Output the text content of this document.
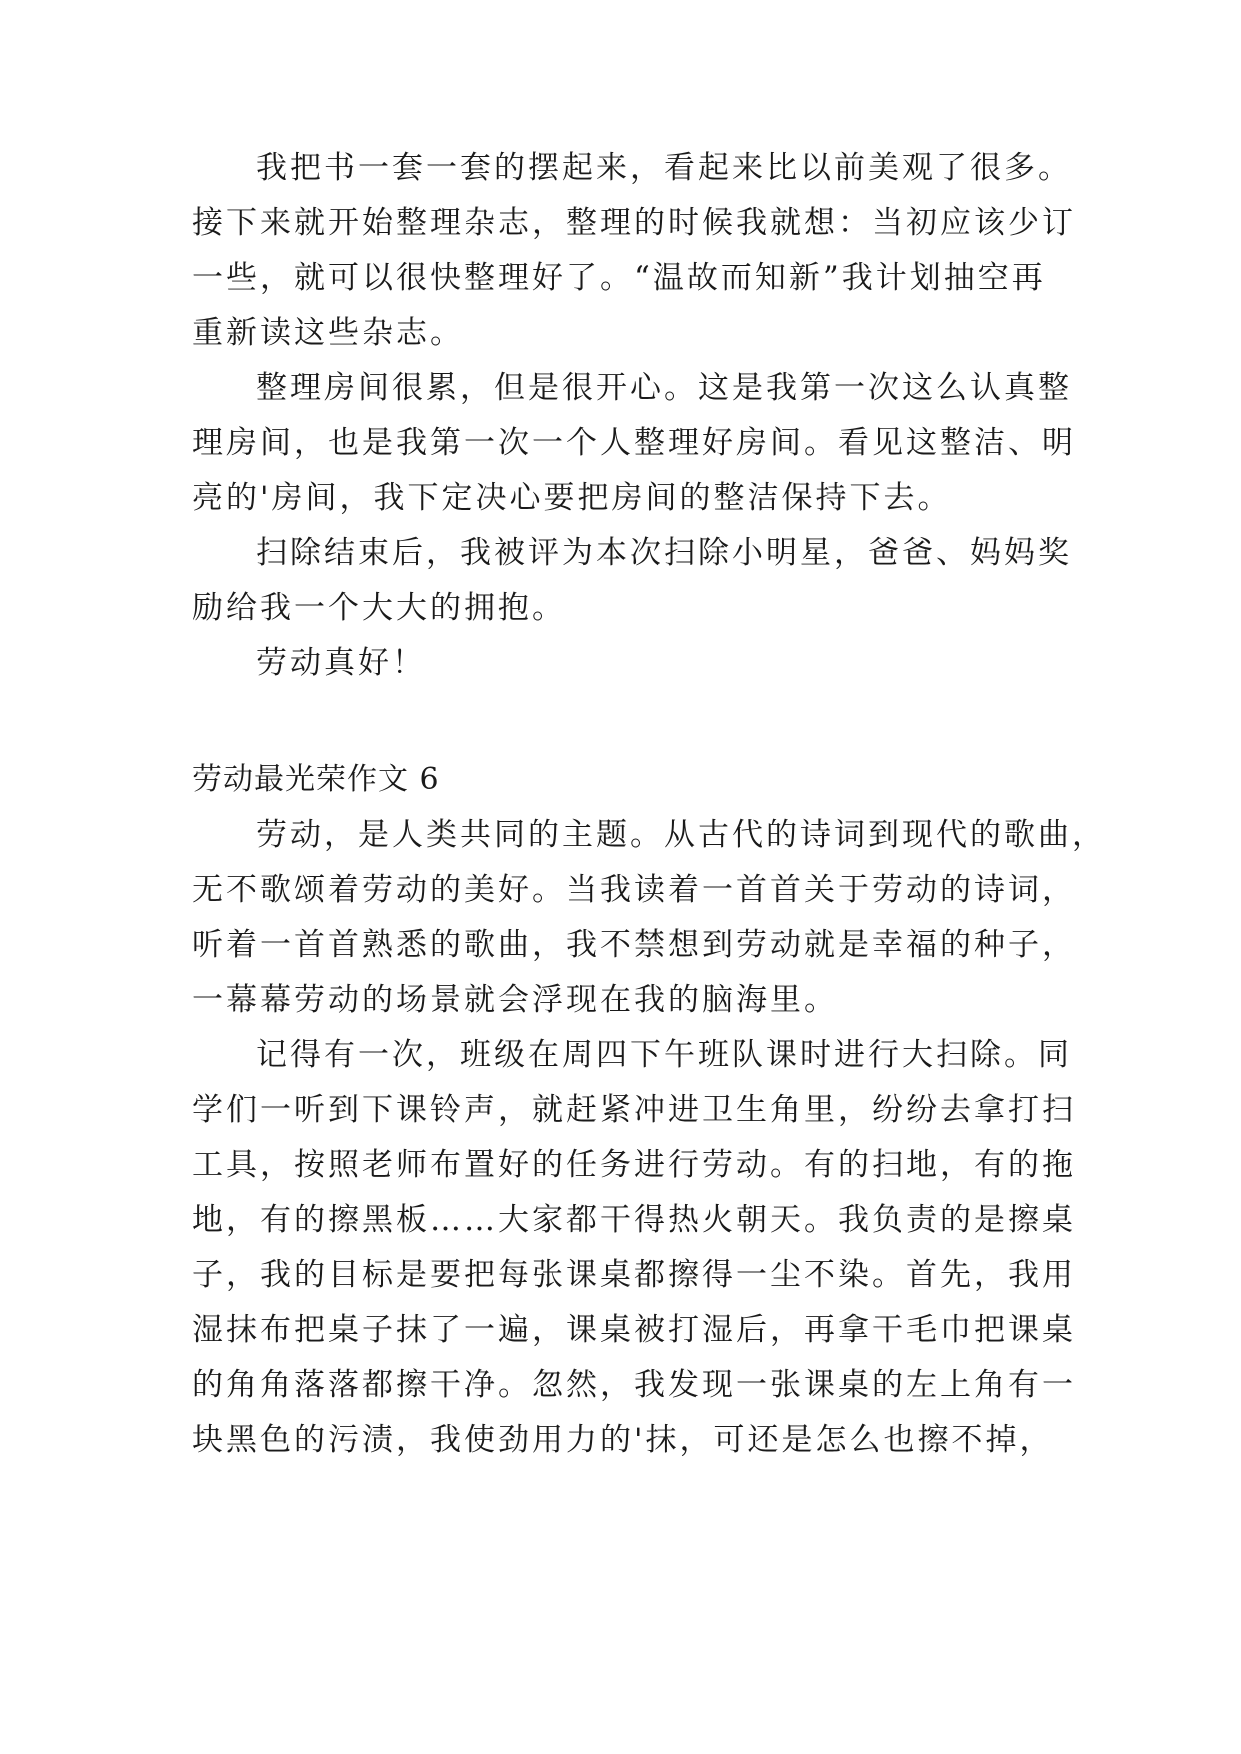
我把书一套一套的摆起来，看起来比以前美观了很多。
接下来就开始整理杂志，整理的时候我就想：当初应该少订
一些，就可以很快整理好了。“温故而知新”我计划抽空再
重新读这些杂志。
整理房间很累，但是很开心。这是我第一次这么认真整
理房间，也是我第一次一个人整理好房间。看见这整洁、明
亮的'房间，我下定决心要把房间的整洁保持下去。
扫除结束后，我被评为本次扫除小明星，爸爸、妈妈奖
励给我一个大大的拥抱。
劳动真好！
劳动最光荣作文 6
劳动，是人类共同的主题。从古代的诗词到现代的歌曲，
无不歌颂着劳动的美好。当我读着一首首关于劳动的诗词，
听着一首首熟悉的歌曲，我不禁想到劳动就是幸福的种子，
一幕幕劳动的场景就会浮现在我的脑海里。
记得有一次，班级在周四下午班队课时进行大扫除。同
学们一听到下课铃声，就赶紧冲进卫生角里，纷纷去拿打扫
工具，按照老师布置好的任务进行劳动。有的扫地，有的拖
地，有的擦黑板……大家都干得热火朝天。我负责的是擦桌
子，我的目标是要把每张课桌都擦得一尘不染。首先，我用
湿抹布把桌子抹了一遍，课桌被打湿后，再拿干毛巾把课桌
的角角落落都擦干净。忽然，我发现一张课桌的左上角有一
块黑色的污渍，我使劲用力的'抹，可还是怎么也擦不掉，
